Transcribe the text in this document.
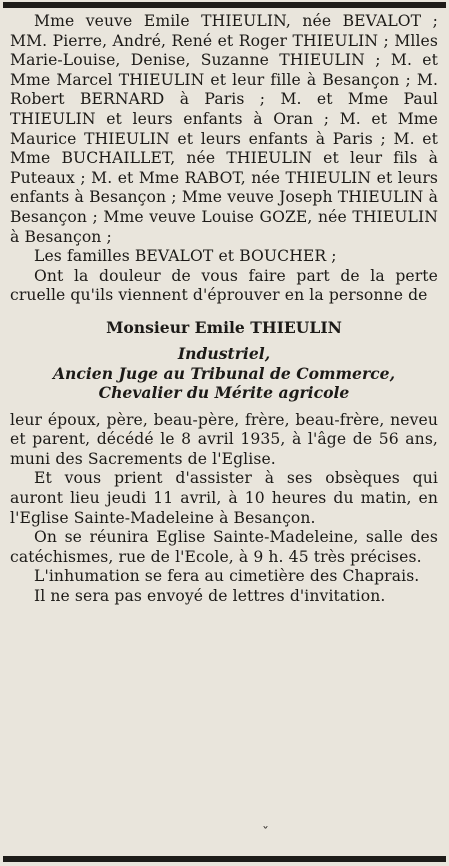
Mme veuve Emile THIEULIN, née BEVALOT ; MM. Pierre, André, René et Roger THIEULIN ; Mlles Marie-Louise, Denise, Suzanne THIEULIN ; M. et Mme Marcel THIEULIN et leur fille à Besançon ; M. Robert BERNARD à Paris ; M. et Mme Paul THIEULIN et leurs enfants à Oran ; M. et Mme Maurice THIEULIN et leurs enfants à Paris ; M. et Mme BUCHAILLET, née THIEULIN et leur fils à Puteaux ; M. et Mme RABOT, née THIEULIN et leurs enfants à Besançon ; Mme veuve Joseph THIEULIN à Besançon ; Mme veuve Louise GOZE, née THIEULIN à Besançon ;

Les familles BEVALOT et BOUCHER ;

Ont la douleur de vous faire part de la perte cruelle qu'ils viennent d'éprouver en la personne de

Monsieur Emile THIEULIN
Industriel,
Ancien Juge au Tribunal de Commerce,
Chevalier du Mérite agricole

leur époux, père, beau-père, frère, beau-frère, neveu et parent, décédé le 8 avril 1935, à l'âge de 56 ans, muni des Sacrements de l'Eglise.

Et vous prient d'assister à ses obsèques qui auront lieu jeudi 11 avril, à 10 heures du matin, en l'Eglise Sainte-Madeleine à Besançon.

On se réunira Eglise Sainte-Madeleine, salle des catéchismes, rue de l'Ecole, à 9 h. 45 très précises.

L'inhumation se fera au cimetière des Chaprais.

Il ne sera pas envoyé de lettres d'invitation.

ˇ
